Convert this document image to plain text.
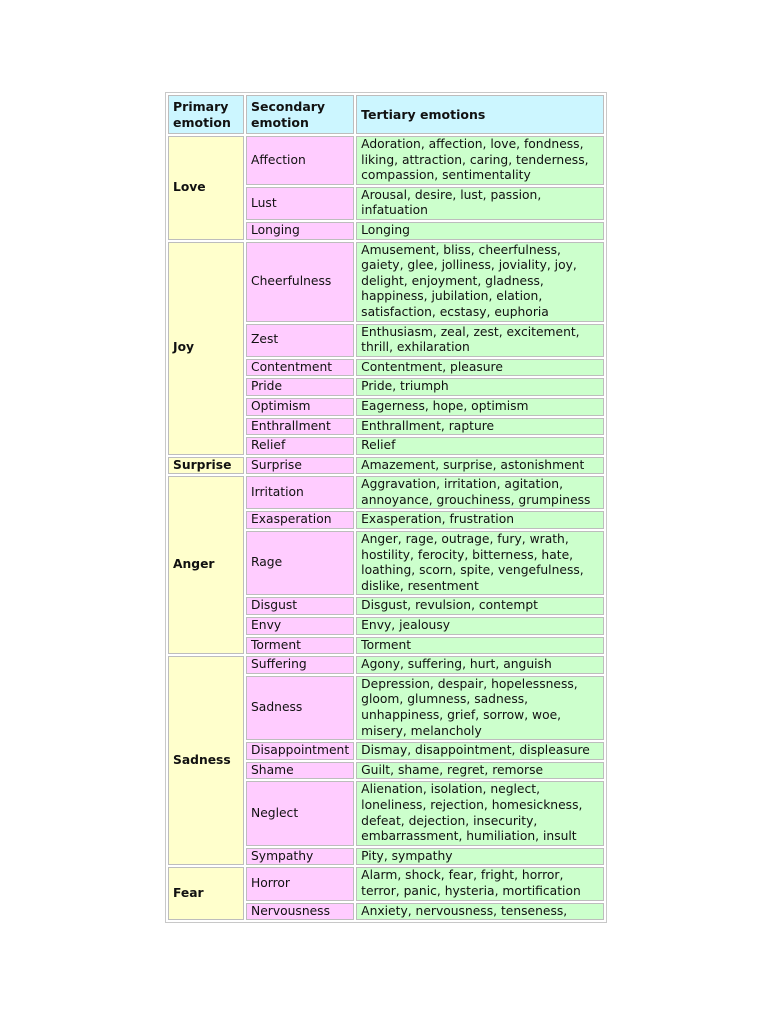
Primary emotion	Secondary emotion	Tertiary emotions
Love	Affection	Adoration, affection, love, fondness, liking, attraction, caring, tenderness, compassion, sentimentality
	Lust	Arousal, desire, lust, passion, infatuation
	Longing	Longing
Joy	Cheerfulness	Amusement, bliss, cheerfulness, gaiety, glee, jolliness, joviality, joy, delight, enjoyment, gladness, happiness, jubilation, elation, satisfaction, ecstasy, euphoria
	Zest	Enthusiasm, zeal, zest, excitement, thrill, exhilaration
	Contentment	Contentment, pleasure
	Pride	Pride, triumph
	Optimism	Eagerness, hope, optimism
	Enthrallment	Enthrallment, rapture
	Relief	Relief
Surprise	Surprise	Amazement, surprise, astonishment
Anger	Irritation	Aggravation, irritation, agitation, annoyance, grouchiness, grumpiness
	Exasperation	Exasperation, frustration
	Rage	Anger, rage, outrage, fury, wrath, hostility, ferocity, bitterness, hate, loathing, scorn, spite, vengefulness, dislike, resentment
	Disgust	Disgust, revulsion, contempt
	Envy	Envy, jealousy
	Torment	Torment
Sadness	Suffering	Agony, suffering, hurt, anguish
	Sadness	Depression, despair, hopelessness, gloom, glumness, sadness, unhappiness, grief, sorrow, woe, misery, melancholy
	Disappointment	Dismay, disappointment, displeasure
	Shame	Guilt, shame, regret, remorse
	Neglect	Alienation, isolation, neglect, loneliness, rejection, homesickness, defeat, dejection, insecurity, embarrassment, humiliation, insult
	Sympathy	Pity, sympathy
Fear	Horror	Alarm, shock, fear, fright, horror, terror, panic, hysteria, mortification
	Nervousness	Anxiety, nervousness, tenseness,
